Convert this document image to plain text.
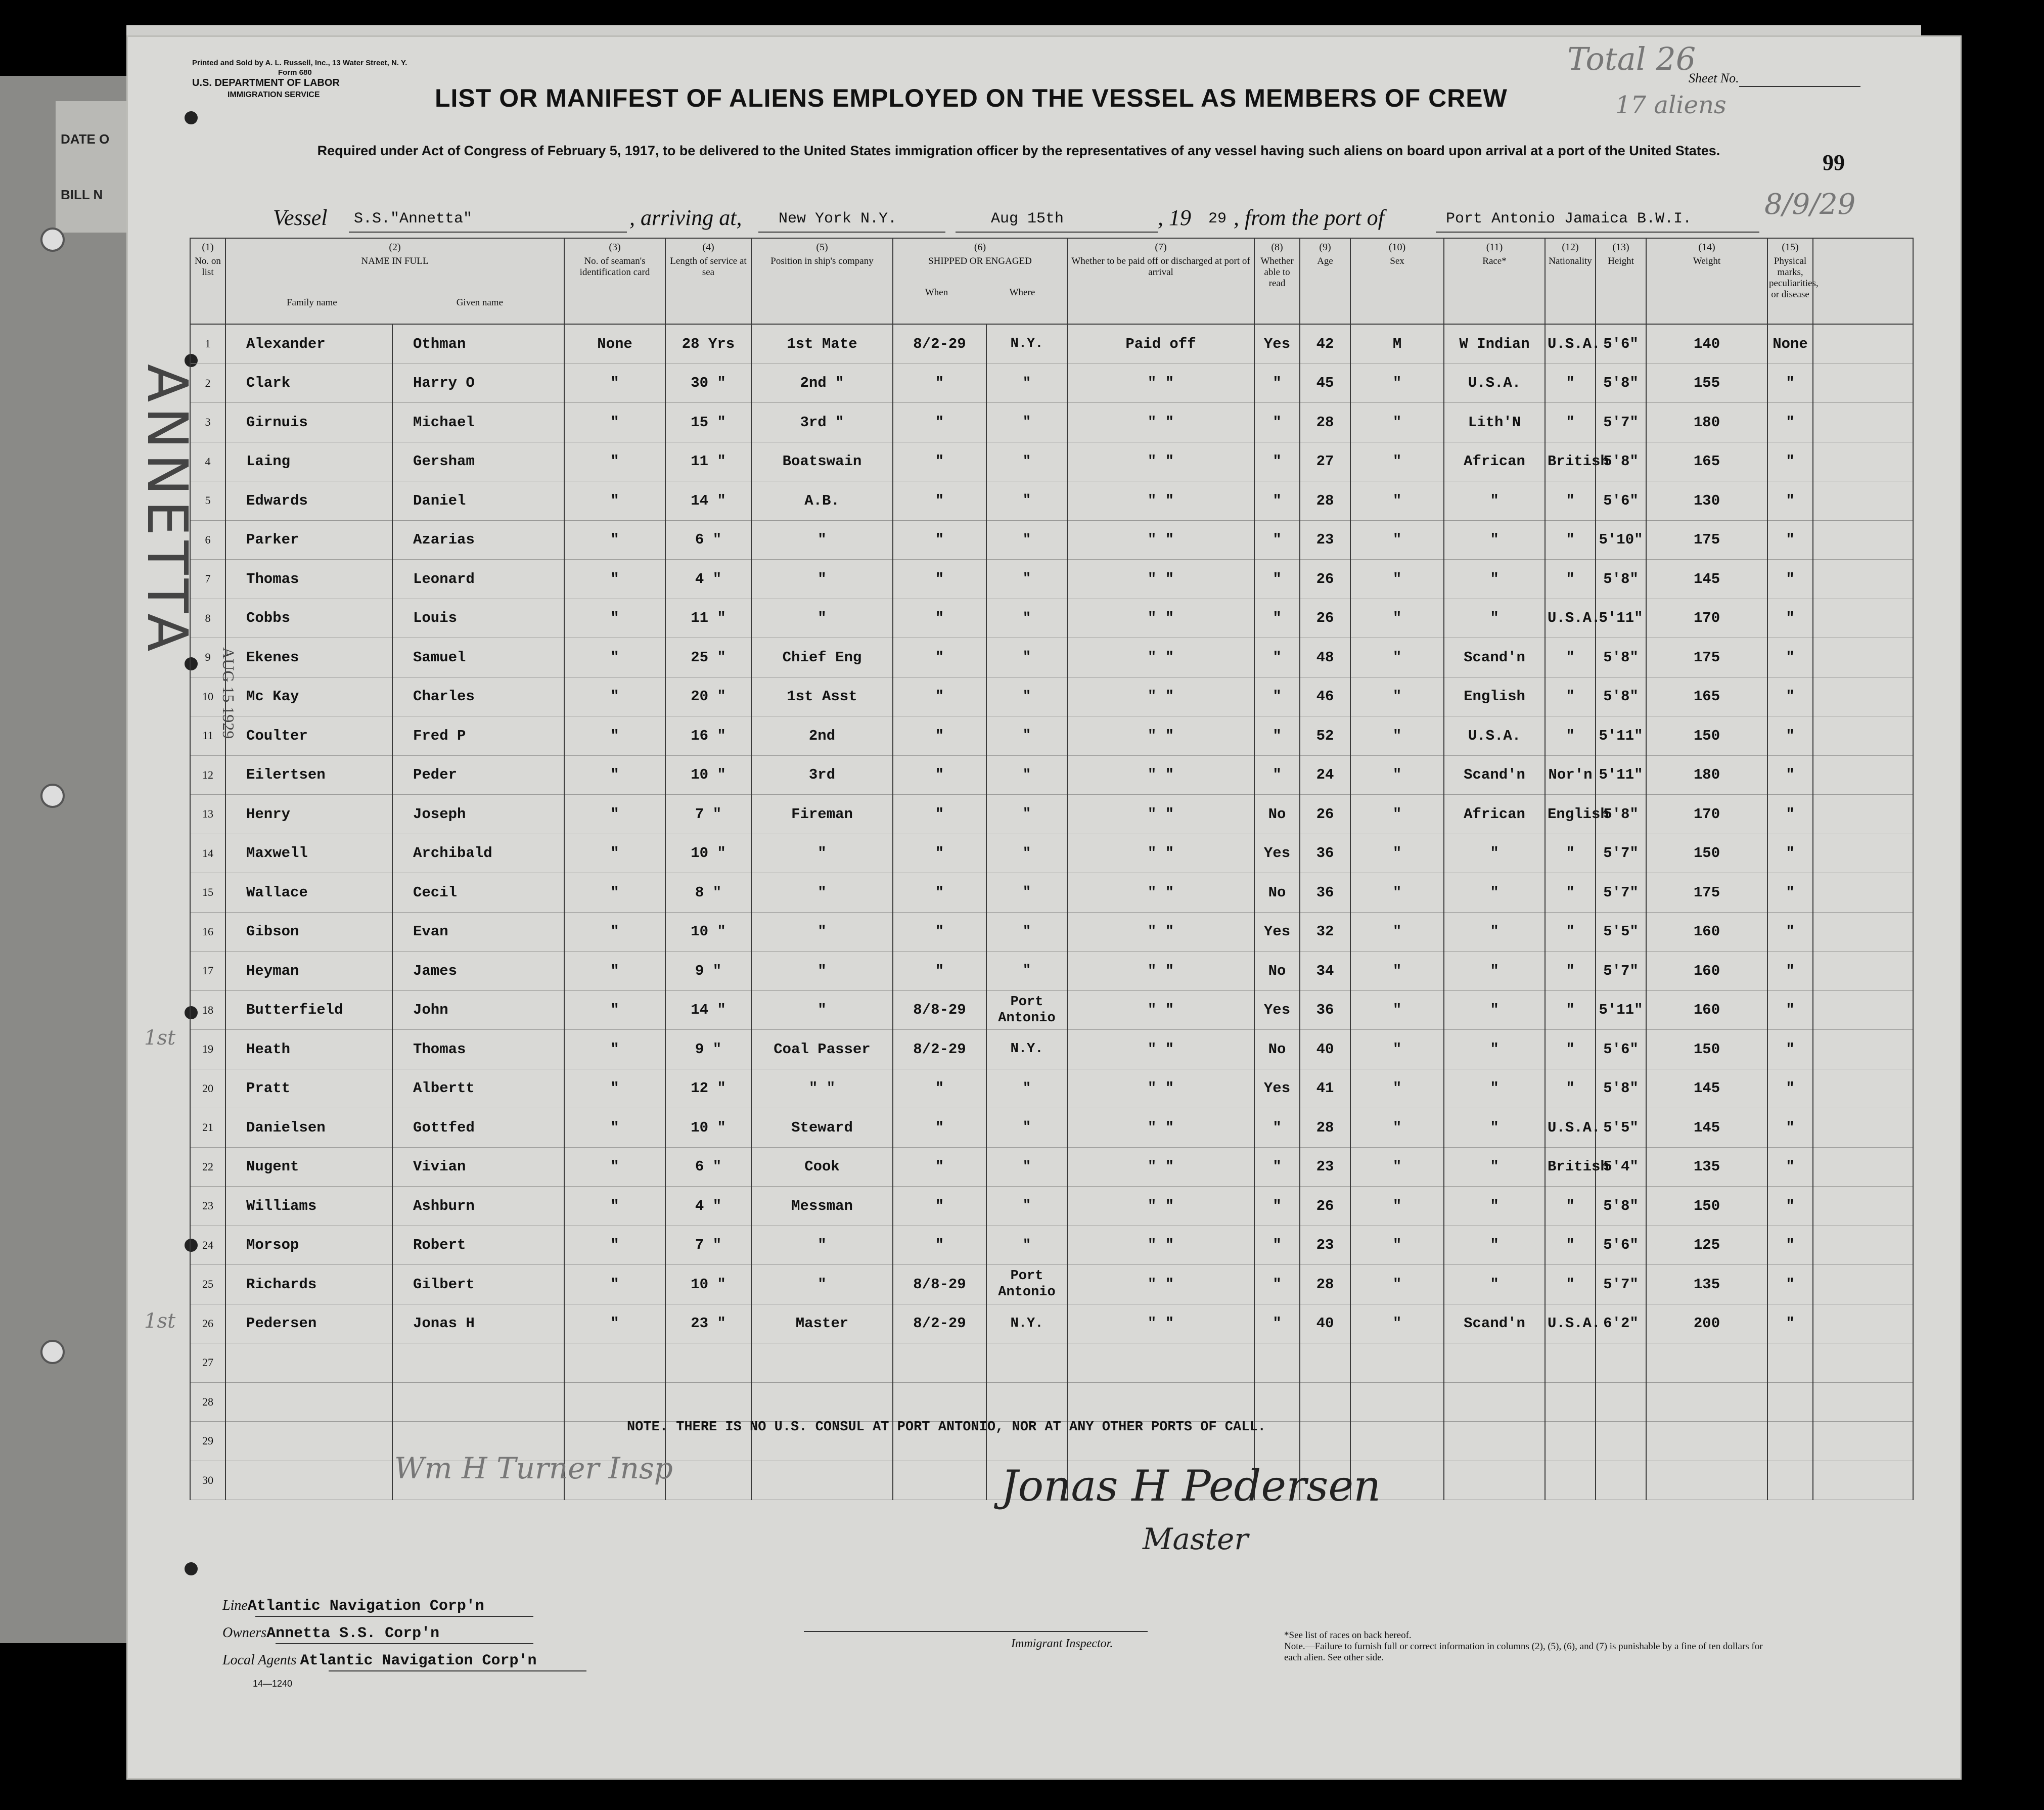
DATE O
BILL N
Printed and Sold by A. L. Russell, Inc., 13 Water Street, N. Y.
Form 680
U.S. DEPARTMENT OF LABOR
IMMIGRATION SERVICE	LIST OR MANIFEST OF ALIENS EMPLOYED ON THE VESSEL AS MEMBERS OF CREW
Total 26
17 aliens
Sheet No.
Required under Act of Congress of February 5, 1917, to be delivered to the United States immigration officer by the representatives of any vessel having such aliens on board upon arrival at a port of the United States.	99
Vessel S.S."Annetta"	, arriving at, New York N.Y.	Aug 15th	, 19 29 , from the port of	Port Antonio Jamaica B.W.I.	8/9/29
(1)
No. on list	(2)
NAME IN FULL
Family name Given name		(3)
No. of seaman's identification card	(4)
Length of service at sea	(5)
Position in ship's company	(6)
SHIPPED OR ENGAGED
When Where		(7)
Whether to be paid off or discharged at port of arrival	(8)
Whether able to read	(9)
Age	(10)
Sex	(11)
Race*	(12)
Nationality	(13)
Height	(14)
Weight	(15)
Physical marks, peculiarities, or disease	
1	Alexander	Othman	None	28 Yrs	1st Mate	8/2-29	N.Y.	Paid off	Yes	42	M	W Indian	U.S.A.	5'6"	140	None	
2	Clark	Harry O	"	30 "	2nd "	"	"	" "	"	45	"	U.S.A.	"	5'8"	155	"	
3	Girnuis	Michael	"	15 "	3rd "	"	"	" "	"	28	"	Lith'N	"	5'7"	180	"	
4	Laing	Gersham	"	11 "	Boatswain	"	"	" "	"	27	"	African	British	5'8"	165	"	
5	Edwards	Daniel	"	14 "	A.B.	"	"	" "	"	28	"	"	"	5'6"	130	"	
6	Parker	Azarias	"	6 "	"	"	"	" "	"	23	"	"	"	5'10"	175	"	
7	Thomas	Leonard	"	4 "	"	"	"	" "	"	26	"	"	"	5'8"	145	"	
8	Cobbs	Louis	"	11 "	"	"	"	" "	"	26	"	"	U.S.A.	5'11"	170	"	
9	Ekenes	Samuel	"	25 "	Chief Eng	"	"	" "	"	48	"	Scand'n	"	5'8"	175	"	
10	Mc Kay	Charles	"	20 "	1st Asst	"	"	" "	"	46	"	English	"	5'8"	165	"	
11	Coulter	Fred P	"	16 "	2nd	"	"	" "	"	52	"	U.S.A.	"	5'11"	150	"	
12	Eilertsen	Peder	"	10 "	3rd	"	"	" "	"	24	"	Scand'n	Nor'n	5'11"	180	"	
13	Henry	Joseph	"	7 "	Fireman	"	"	" "	No	26	"	African	English	5'8"	170	"	
14	Maxwell	Archibald	"	10 "	"	"	"	" "	Yes	36	"	"	"	5'7"	150	"	
15	Wallace	Cecil	"	8 "	"	"	"	" "	No	36	"	"	"	5'7"	175	"	
16	Gibson	Evan	"	10 "	"	"	"	" "	Yes	32	"	"	"	5'5"	160	"	
17	Heyman	James	"	9 "	"	"	"	" "	No	34	"	"	"	5'7"	160	"	
18	Butterfield	John	"	14 "	"	8/8-29	Port Antonio	" "	Yes	36	"	"	"	5'11"	160	"	
19	Heath	Thomas	"	9 "	Coal Passer	8/2-29	N.Y.	" "	No	40	"	"	"	5'6"	150	"	
20	Pratt	Albertt	"	12 "	" "	"	"	" "	Yes	41	"	"	"	5'8"	145	"	
21	Danielsen	Gottfed	"	10 "	Steward	"	"	" "	"	28	"	"	U.S.A.	5'5"	145	"	
22	Nugent	Vivian	"	6 "	Cook	"	"	" "	"	23	"	"	British	5'4"	135	"	
23	Williams	Ashburn	"	4 "	Messman	"	"	" "	"	26	"	"	"	5'8"	150	"	
24	Morsop	Robert	"	7 "	"	"	"	" "	"	23	"	"	"	5'6"	125	"	
25	Richards	Gilbert	"	10 "	"	8/8-29	Port Antonio	" "	"	28	"	"	"	5'7"	135	"	
26	Pedersen	Jonas H	"	23 "	Master	8/2-29	N.Y.	" "	"	40	"	Scand'n	U.S.A.	6'2"	200	"	
27																	
28																	
29																	
30																	
ANNETTA
AUG 15 1929
1st
1st
NOTE. THERE IS NO U.S. CONSUL AT PORT ANTONIO, NOR AT ANY OTHER PORTS OF CALL.
Wm H Turner Insp	Jonas H Pedersen
Master
LineAtlantic Navigation Corp'n
OwnersAnnetta S.S. Corp'n
Local Agents Atlantic Navigation Corp'n
Immigrant Inspector.
*See list of races on back hereof.
Note.—Failure to furnish full or correct information in columns (2), (5), (6), and (7) is punishable by a fine of ten dollars for each alien. See other side.
14—1240
